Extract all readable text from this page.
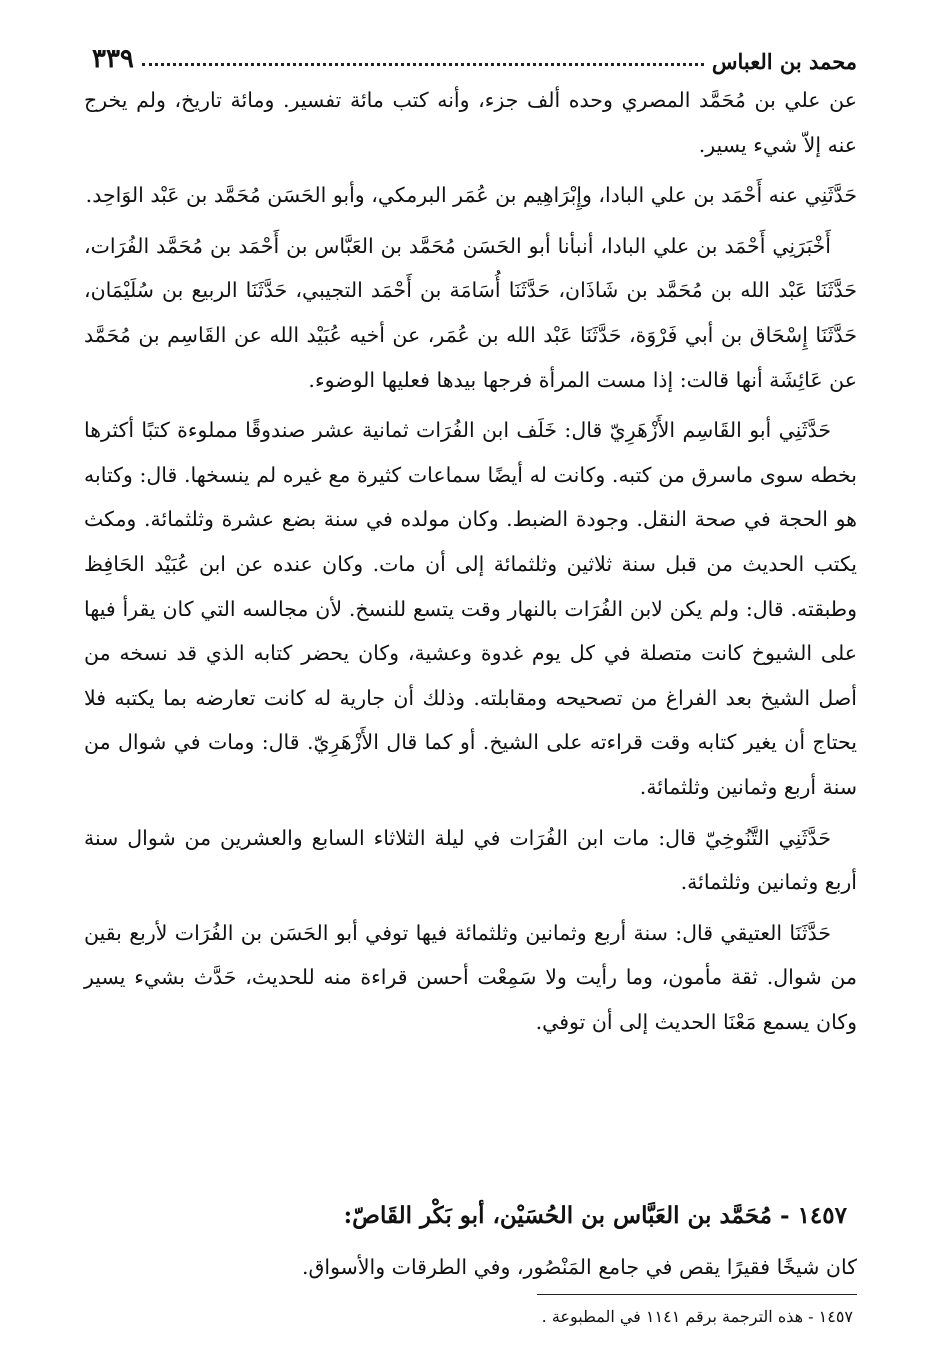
محمد بن العباس
٣٣٩

عن علي بن مُحَمَّد المصري وحده ألف جزء، وأنه كتب مائة تفسير. ومائة تاريخ، ولم يخرج عنه إلاّ شيء يسير.

حَدَّثَنِي عنه أَحْمَد بن علي البادا، وإِبْرَاهِيم بن عُمَر البرمكي، وأبو الحَسَن مُحَمَّد بن عَبْد الوَاحِد.

أَخْبَرَنِي أَحْمَد بن علي البادا، أنبأنا أبو الحَسَن مُحَمَّد بن العَبَّاس بن أَحْمَد بن مُحَمَّد الفُرَات، حَدَّثَنَا عَبْد الله بن مُحَمَّد بن شَاذَان، حَدَّثَنَا أُسَامَة بن أَحْمَد التجيبي، حَدَّثَنَا الربيع بن سُلَيْمَان، حَدَّثَنَا إِسْحَاق بن أبي فَرْوَة، حَدَّثَنَا عَبْد الله بن عُمَر، عن أخيه عُبَيْد الله عن القَاسِم بن مُحَمَّد عن عَائِشَة أنها قالت: إذا مست المرأة فرجها بيدها فعليها الوضوء.

حَدَّثَنِي أبو القَاسِم الأَزْهَرِيّ قال: خَلَف ابن الفُرَات ثمانية عشر صندوقًا مملوءة كتبًا أكثرها بخطه سوى ماسرق من كتبه. وكانت له أيضًا سماعات كثيرة مع غيره لم ينسخها. قال: وكتابه هو الحجة في صحة النقل. وجودة الضبط. وكان مولده في سنة بضع عشرة وثلثمائة. ومكث يكتب الحديث من قبل سنة ثلاثين وثلثمائة إلى أن مات. وكان عنده عن ابن عُبَيْد الحَافِظ وطبقته. قال: ولم يكن لابن الفُرَات بالنهار وقت يتسع للنسخ. لأن مجالسه التي كان يقرأ فيها على الشيوخ كانت متصلة في كل يوم غدوة وعشية، وكان يحضر كتابه الذي قد نسخه من أصل الشيخ بعد الفراغ من تصحيحه ومقابلته. وذلك أن جارية له كانت تعارضه بما يكتبه فلا يحتاج أن يغير كتابه وقت قراءته على الشيخ. أو كما قال الأَزْهَرِيّ. قال: ومات في شوال من سنة أربع وثمانين وثلثمائة.

حَدَّثَنِي التَّنُوخِيّ قال: مات ابن الفُرَات في ليلة الثلاثاء السابع والعشرين من شوال سنة أربع وثمانين وثلثمائة.

حَدَّثَنَا العتيقي قال: سنة أربع وثمانين وثلثمائة فيها توفي أبو الحَسَن بن الفُرَات لأربع بقين من شوال. ثقة مأمون، وما رأيت ولا سَمِعْت أحسن قراءة منه للحديث، حَدَّث بشيء يسير وكان يسمع مَعْنَا الحديث إلى أن توفي.

١٤٥٧ - مُحَمَّد بن العَبَّاس بن الحُسَيْن، أبو بَكْر القَاصّ:
كان شيخًا فقيرًا يقص في جامع المَنْصُور، وفي الطرقات والأسواق.
١٤٥٧ - هذه الترجمة برقم ١١٤١ في المطبوعة .
